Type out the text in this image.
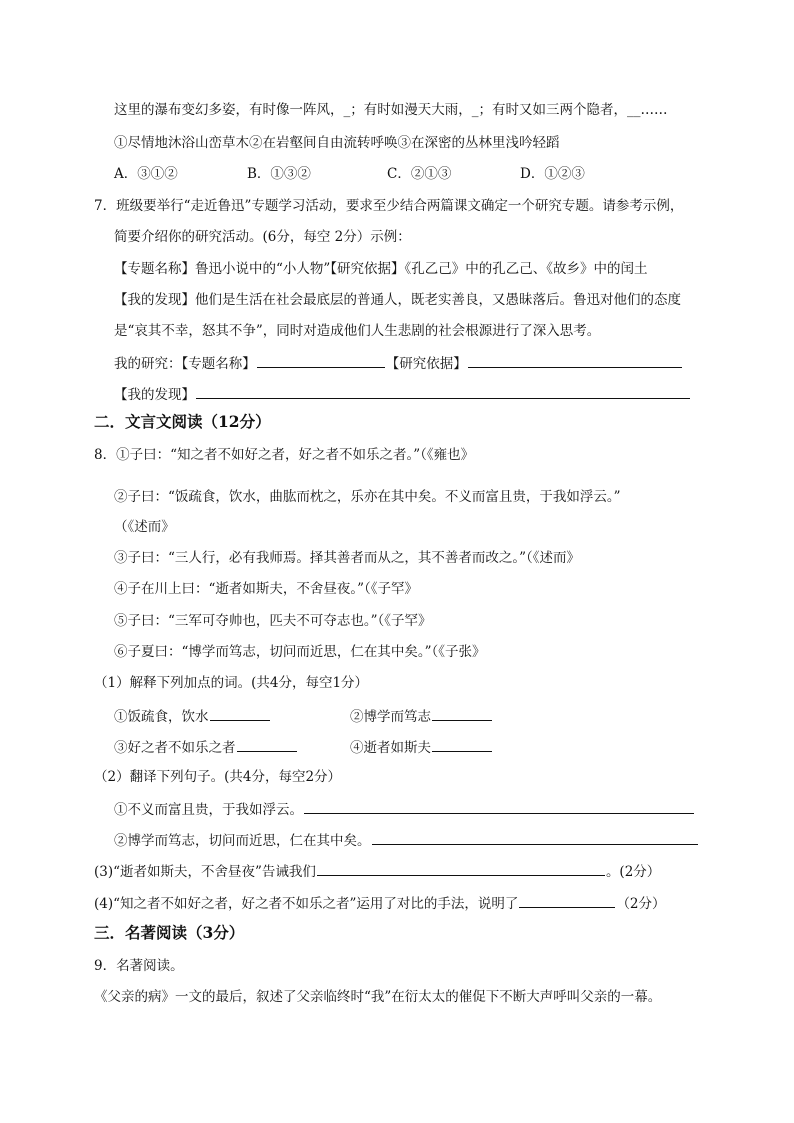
这里的瀑布变幻多姿，有时像一阵风，_；有时如漫天大雨，_；有时又如三两个隐者，__……
①尽情地沐浴山峦草木②在岩壑间自由流转呼唤③在深密的丛林里浅吟轻蹈
A．③①②	B．①③②	C．②①③	D．①②③
7．班级要举行“走近鲁迅”专题学习活动，要求至少结合两篇课文确定一个研究专题。请参考示例，
简要介绍你的研究活动。(6分，每空 2分）示例：
【专题名称】鲁迅小说中的“小人物”【研究依据】《孔乙己》中的孔乙己、《故乡》中的闰土
【我的发现】他们是生活在社会最底层的普通人，既老实善良，又愚昧落后。鲁迅对他们的态度
是“哀其不幸，怒其不争”，同时对造成他们人生悲剧的社会根源进行了深入思考。
我的研究：【专题名称】	【研究依据】
【我的发现】
二．文言文阅读（12分）
8．①子曰：“知之者不如好之者，好之者不如乐之者。”（《雍也》
②子曰：“饭疏食，饮水，曲肱而枕之，乐亦在其中矣。不义而富且贵，于我如浮云。”
（《述而》
③子曰：“三人行，必有我师焉。择其善者而从之，其不善者而改之。”（《述而》
④子在川上曰：“逝者如斯夫，不舍昼夜。”（《子罕》
⑤子曰：“三军可夺帅也，匹夫不可夺志也。”（《子罕》
⑥子夏曰：“博学而笃志，切问而近思，仁在其中矣。”（《子张》
（1）解释下列加点的词。(共4分，每空1分）
①饭疏食，饮水	②博学而笃志
③好之者不如乐之者	④逝者如斯夫
（2）翻译下列句子。(共4分，每空2分）
①不义而富且贵，于我如浮云。
②博学而笃志，切问而近思，仁在其中矣。
(3)“逝者如斯夫，不舍昼夜”告诫我们	。(2分）
(4)“知之者不如好之者，好之者不如乐之者”运用了对比的手法，说明了	（2分）
三．名著阅读（3分）
9．名著阅读。
《父亲的病》一文的最后，叙述了父亲临终时“我”在衍太太的催促下不断大声呼叫父亲的一幕。
